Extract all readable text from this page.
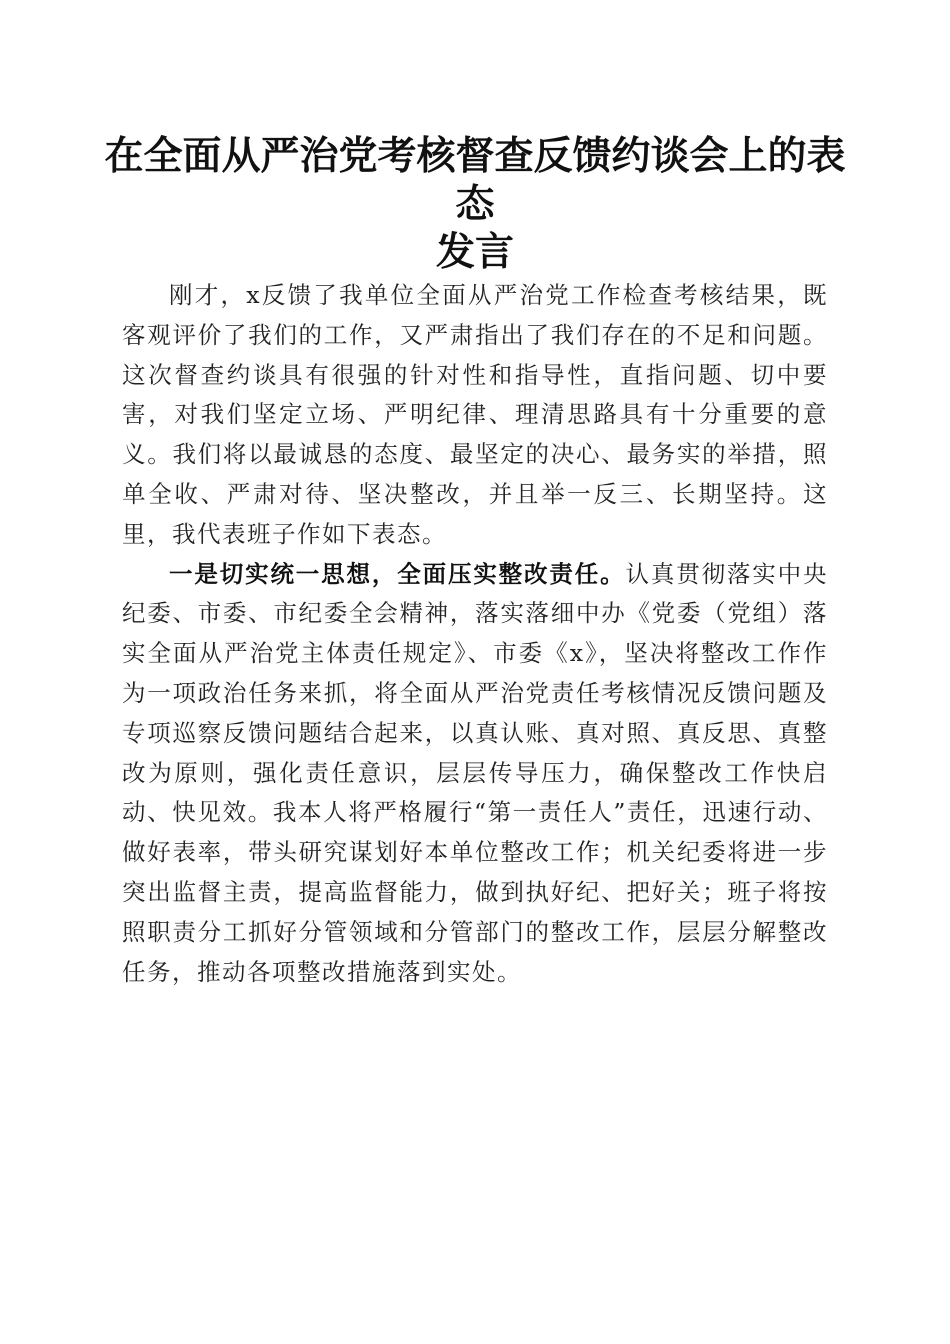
在全面从严治党考核督查反馈约谈会上的表态
发言

刚才，x反馈了我单位全面从严治党工作检查考核结果，既客观评价了我们的工作，又严肃指出了我们存在的不足和问题。这次督查约谈具有很强的针对性和指导性，直指问题、切中要害，对我们坚定立场、严明纪律、理清思路具有十分重要的意义。我们将以最诚恳的态度、最坚定的决心、最务实的举措，照单全收、严肃对待、坚决整改，并且举一反三、长期坚持。这里，我代表班子作如下表态。

一是切实统一思想，全面压实整改责任。认真贯彻落实中央纪委、市委、市纪委全会精神，落实落细中办《党委（党组）落实全面从严治党主体责任规定》、市委《x》，坚决将整改工作作为一项政治任务来抓，将全面从严治党责任考核情况反馈问题及专项巡察反馈问题结合起来，以真认账、真对照、真反思、真整改为原则，强化责任意识，层层传导压力，确保整改工作快启动、快见效。我本人将严格履行“第一责任人”责任，迅速行动、做好表率，带头研究谋划好本单位整改工作；机关纪委将进一步突出监督主责，提高监督能力，做到执好纪、把好关；班子将按照职责分工抓好分管领域和分管部门的整改工作，层层分解整改任务，推动各项整改措施落到实处。
